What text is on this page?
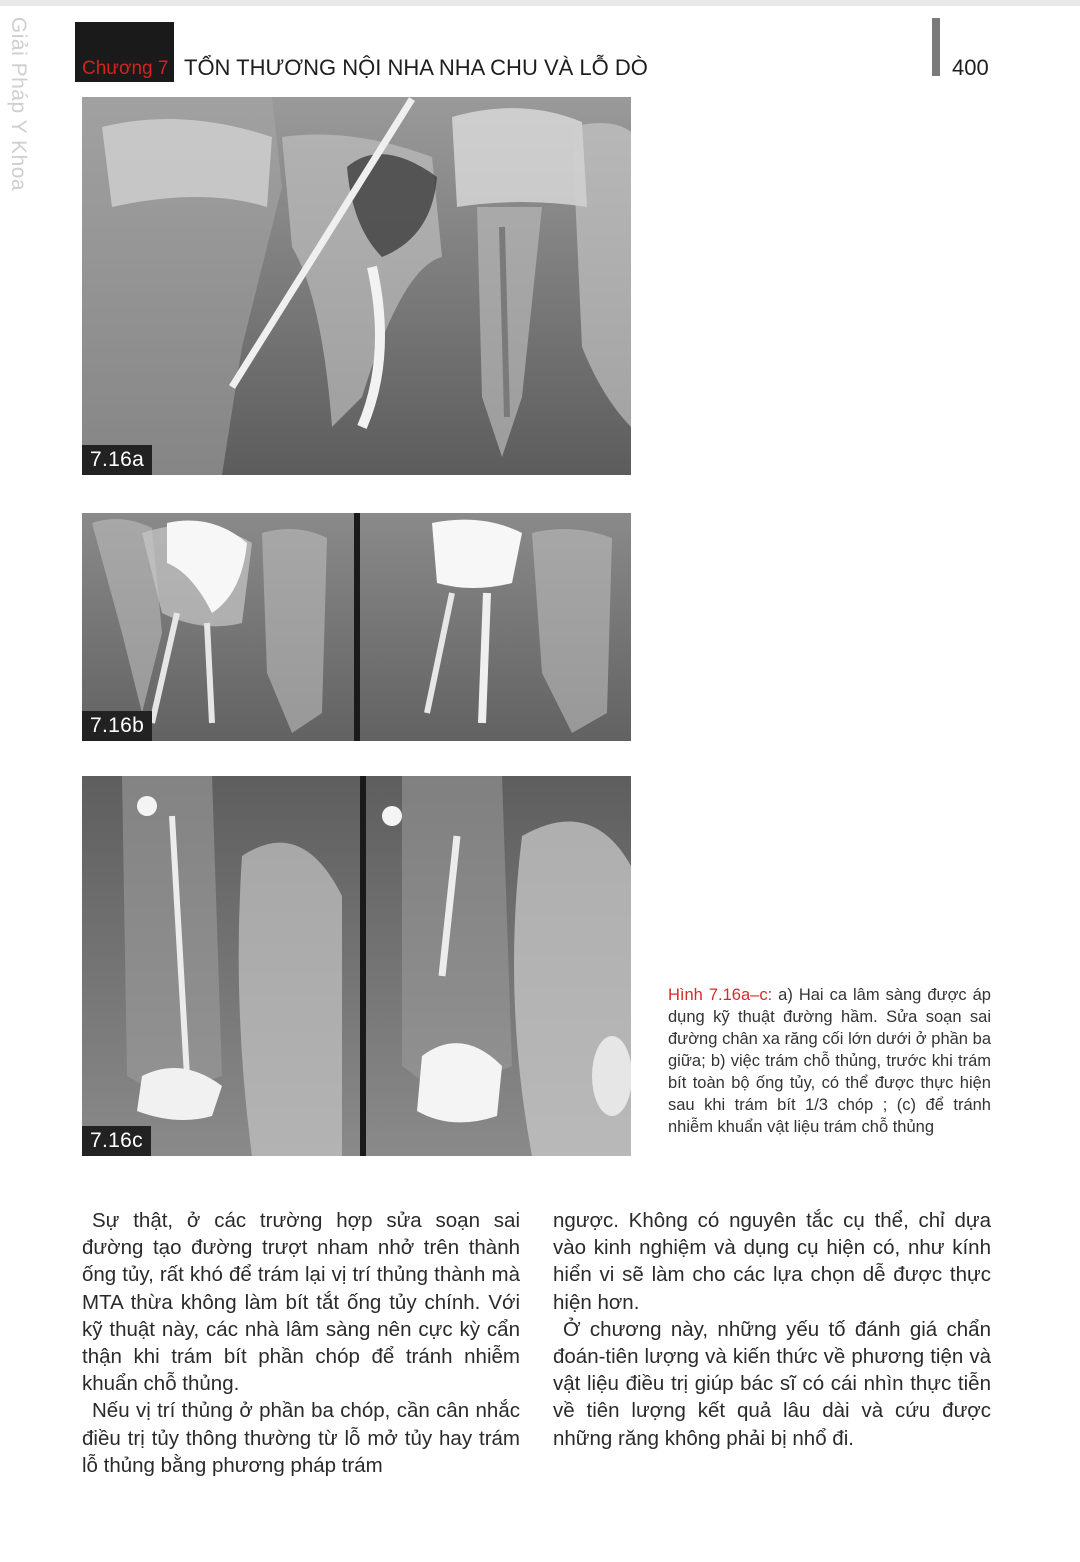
Giải Pháp Y Khoa	Chương 7 TỔN THƯƠNG NỘI NHA NHA CHU VÀ LỖ DÒ	400
7.16a
7.16b
7.16c
Hình 7.16a–c: a) Hai ca lâm sàng được áp dụng kỹ thuật đường hầm. Sửa soạn sai đường chân xa răng cối lớn dưới ở phần ba giữa; b) việc trám chỗ thủng, trước khi trám bít toàn bộ ống tủy, có thể được thực hiện sau khi trám bít 1/3 chóp ; (c) để tránh nhiễm khuẩn vật liệu trám chỗ thủng

Sự thật, ở các trường hợp sửa soạn sai đường tạo đường trượt nham nhở trên thành ống tủy, rất khó để trám lại vị trí thủng thành mà MTA thừa không làm bít tắt ống tủy chính. Với kỹ thuật này, các nhà lâm sàng nên cực kỳ cẩn thận khi trám bít phần chóp để tránh nhiễm khuẩn chỗ thủng.

Nếu vị trí thủng ở phần ba chóp, cần cân nhắc điều trị tủy thông thường từ lỗ mở tủy hay trám lỗ thủng bằng phương pháp trám

ngược. Không có nguyên tắc cụ thể, chỉ dựa vào kinh nghiệm và dụng cụ hiện có, như kính hiển vi sẽ làm cho các lựa chọn dễ được thực hiện hơn.

Ở chương này, những yếu tố đánh giá chẩn đoán-tiên lượng và kiến thức về phương tiện và vật liệu điều trị giúp bác sĩ có cái nhìn thực tiễn về tiên lượng kết quả lâu dài và cứu được những răng không phải bị nhổ đi.
